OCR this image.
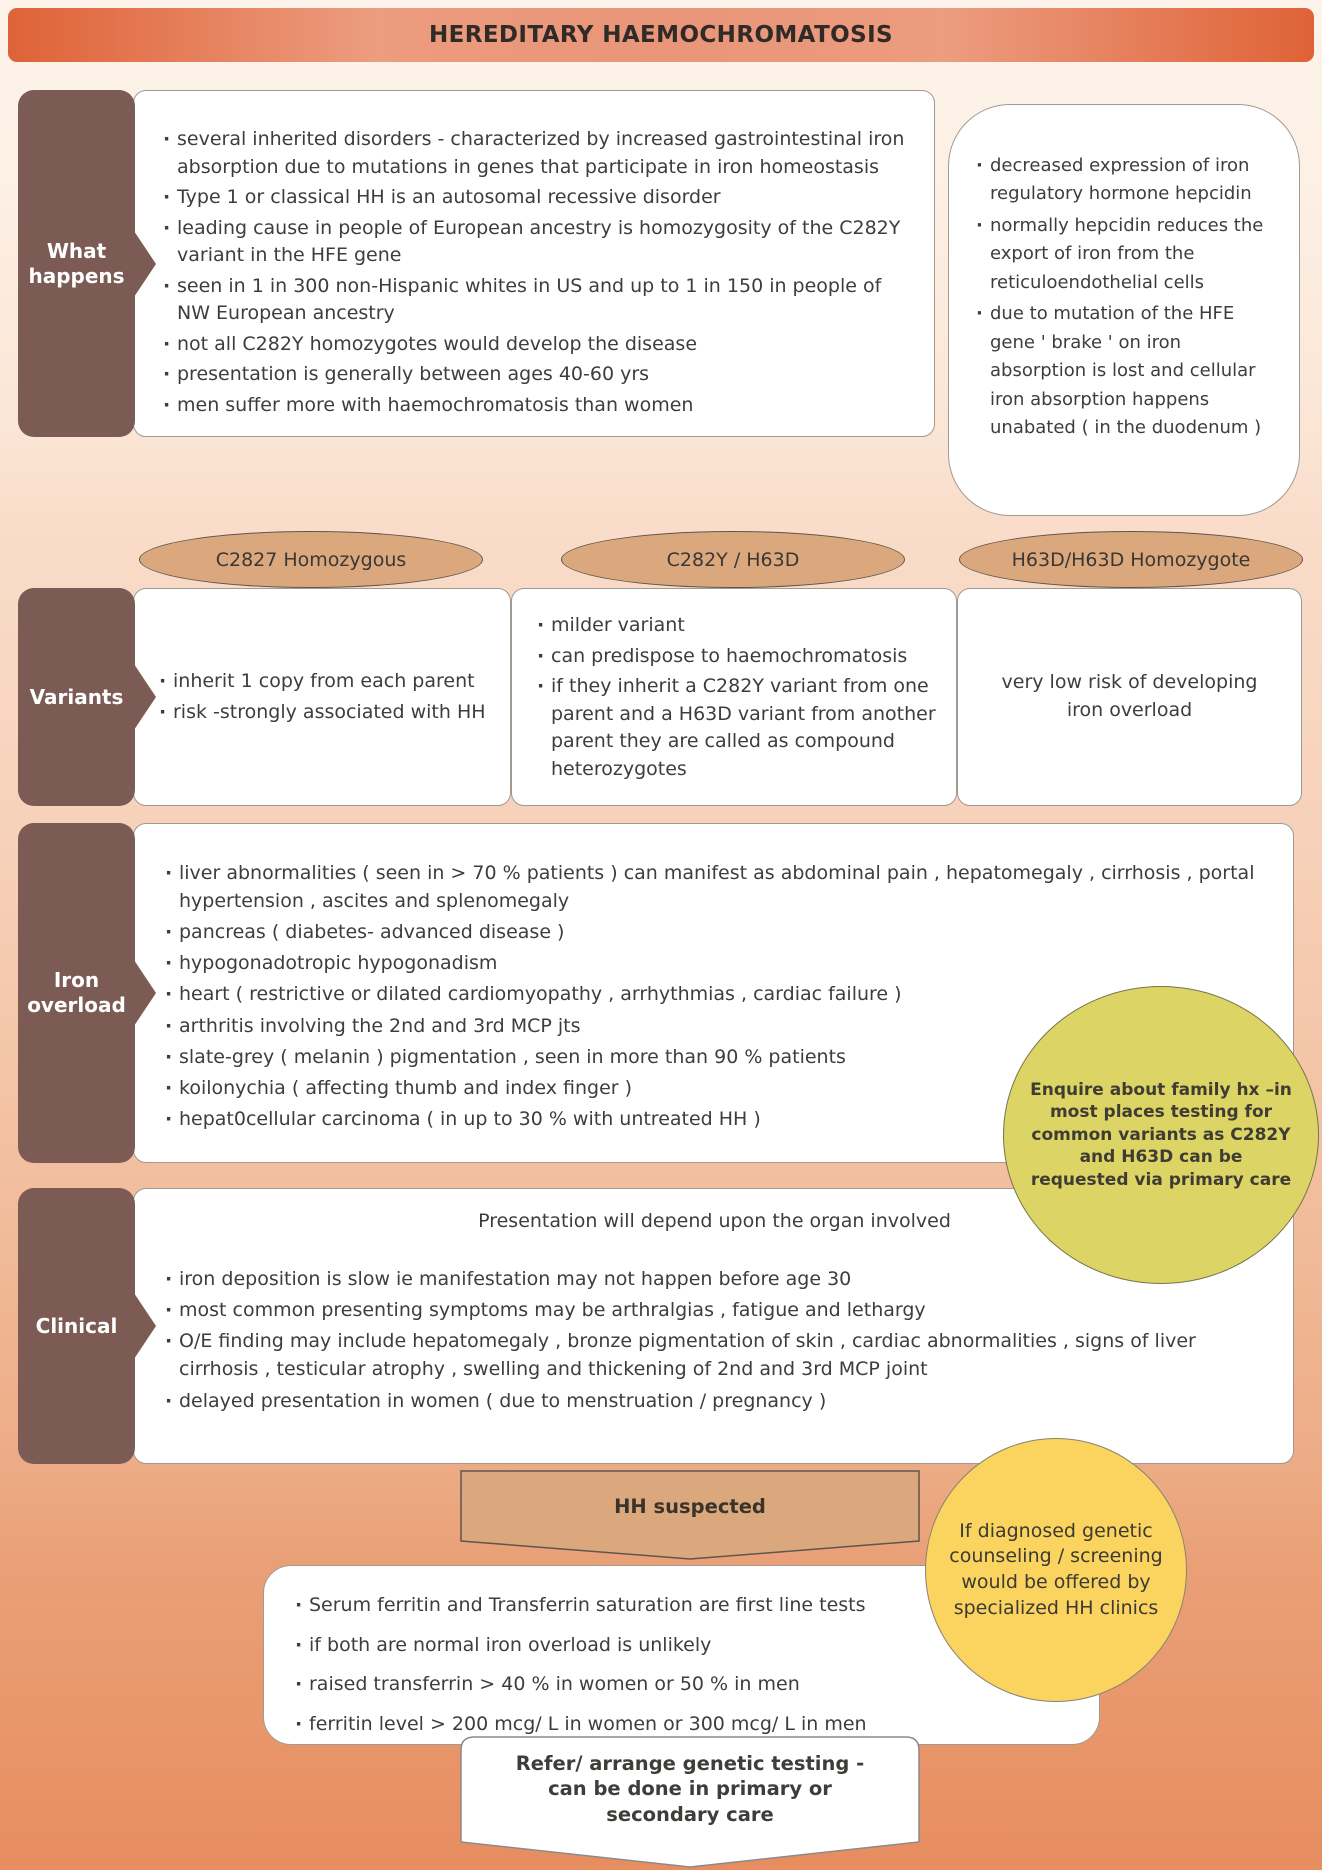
HEREDITARY HAEMOCHROMATOSIS
What happens
· several inherited disorders - characterized by increased gastrointestinal iron absorption due to mutations in genes that participate in iron homeostasis
· Type 1 or classical HH is an autosomal recessive disorder
· leading cause in people of European ancestry is homozygosity of the C282Y variant in the HFE gene
· seen in 1 in 300 non-Hispanic whites in US and up to 1 in 150 in people of NW European ancestry
· not all C282Y homozygotes would develop the disease
· presentation is generally between ages 40-60 yrs
· men suffer more with haemochromatosis than women
· decreased expression of iron regulatory hormone hepcidin
· normally hepcidin reduces the export of iron from the reticuloendothelial cells
· due to mutation of the HFE gene ' brake ' on iron absorption is lost and cellular iron absorption happens unabated ( in the duodenum )
C2827 Homozygous	C282Y / H63D	H63D/H63D Homozygote
Variants
· inherit 1 copy from each parent
· risk -strongly associated with HH
· milder variant
· can predispose to haemochromatosis
· if they inherit a C282Y variant from one parent and a H63D variant from another parent they are called as compound heterozygotes
very low risk of developing iron overload
Iron overload
· liver abnormalities ( seen in > 70 % patients ) can manifest as abdominal pain , hepatomegaly , cirrhosis , portal hypertension , ascites and splenomegaly
· pancreas ( diabetes- advanced disease )
· hypogonadotropic hypogonadism
· heart ( restrictive or dilated cardiomyopathy , arrhythmias , cardiac failure )
· arthritis involving the 2nd and 3rd MCP jts
· slate-grey ( melanin ) pigmentation , seen in more than 90 % patients
· koilonychia ( affecting thumb and index finger )
· hepat0cellular carcinoma ( in up to 30 % with untreated HH )
Enquire about family hx –in most places testing for common variants as C282Y and H63D can be requested via primary care
Clinical
Presentation will depend upon the organ involved
· iron deposition is slow ie manifestation may not happen before age 30
· most common presenting symptoms may be arthralgias , fatigue and lethargy
· O/E finding may include hepatomegaly , bronze pigmentation of skin , cardiac abnormalities , signs of liver cirrhosis , testicular atrophy , swelling and thickening of 2nd and 3rd MCP joint
· delayed presentation in women ( due to menstruation / pregnancy )
HH suspected
If diagnosed genetic counseling / screening would be offered by specialized HH clinics
· Serum ferritin and Transferrin saturation are first line tests
· if both are normal iron overload is unlikely
· raised transferrin > 40 % in women or 50 % in men
· ferritin level > 200 mcg/ L in women or 300 mcg/ L in men
Refer/ arrange genetic testing - can be done in primary or secondary care
